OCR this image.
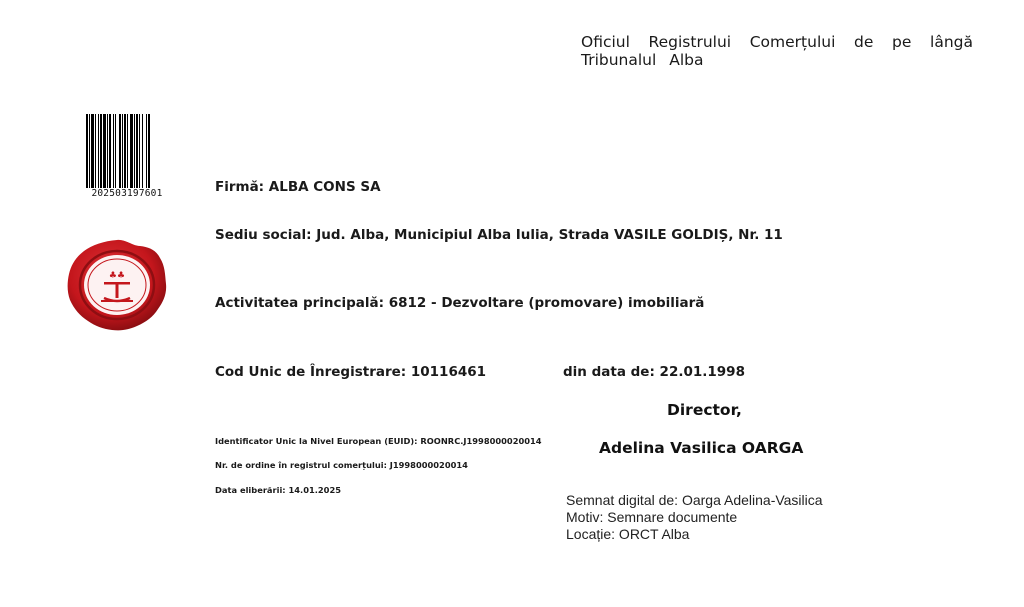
Oficiul Registrului Comerțului de pe lângă
Tribunalul Alba
202503197601
♣♣
Firmă: ALBA CONS SA
Sediu social: Jud. Alba, Municipiul Alba Iulia, Strada VASILE GOLDIȘ, Nr. 11
Activitatea principală: 6812 - Dezvoltare (promovare) imobiliară
Cod Unic de Înregistrare: 10116461	din data de: 22.01.1998
Director,
Adelina Vasilica OARGA
Identificator Unic la Nivel European (EUID): ROONRC.J1998000020014
Nr. de ordine în registrul comerțului: J1998000020014
Data eliberării: 14.01.2025
Semnat digital de: Oarga Adelina-Vasilica
Motiv: Semnare documente
Locație: ORCT Alba
